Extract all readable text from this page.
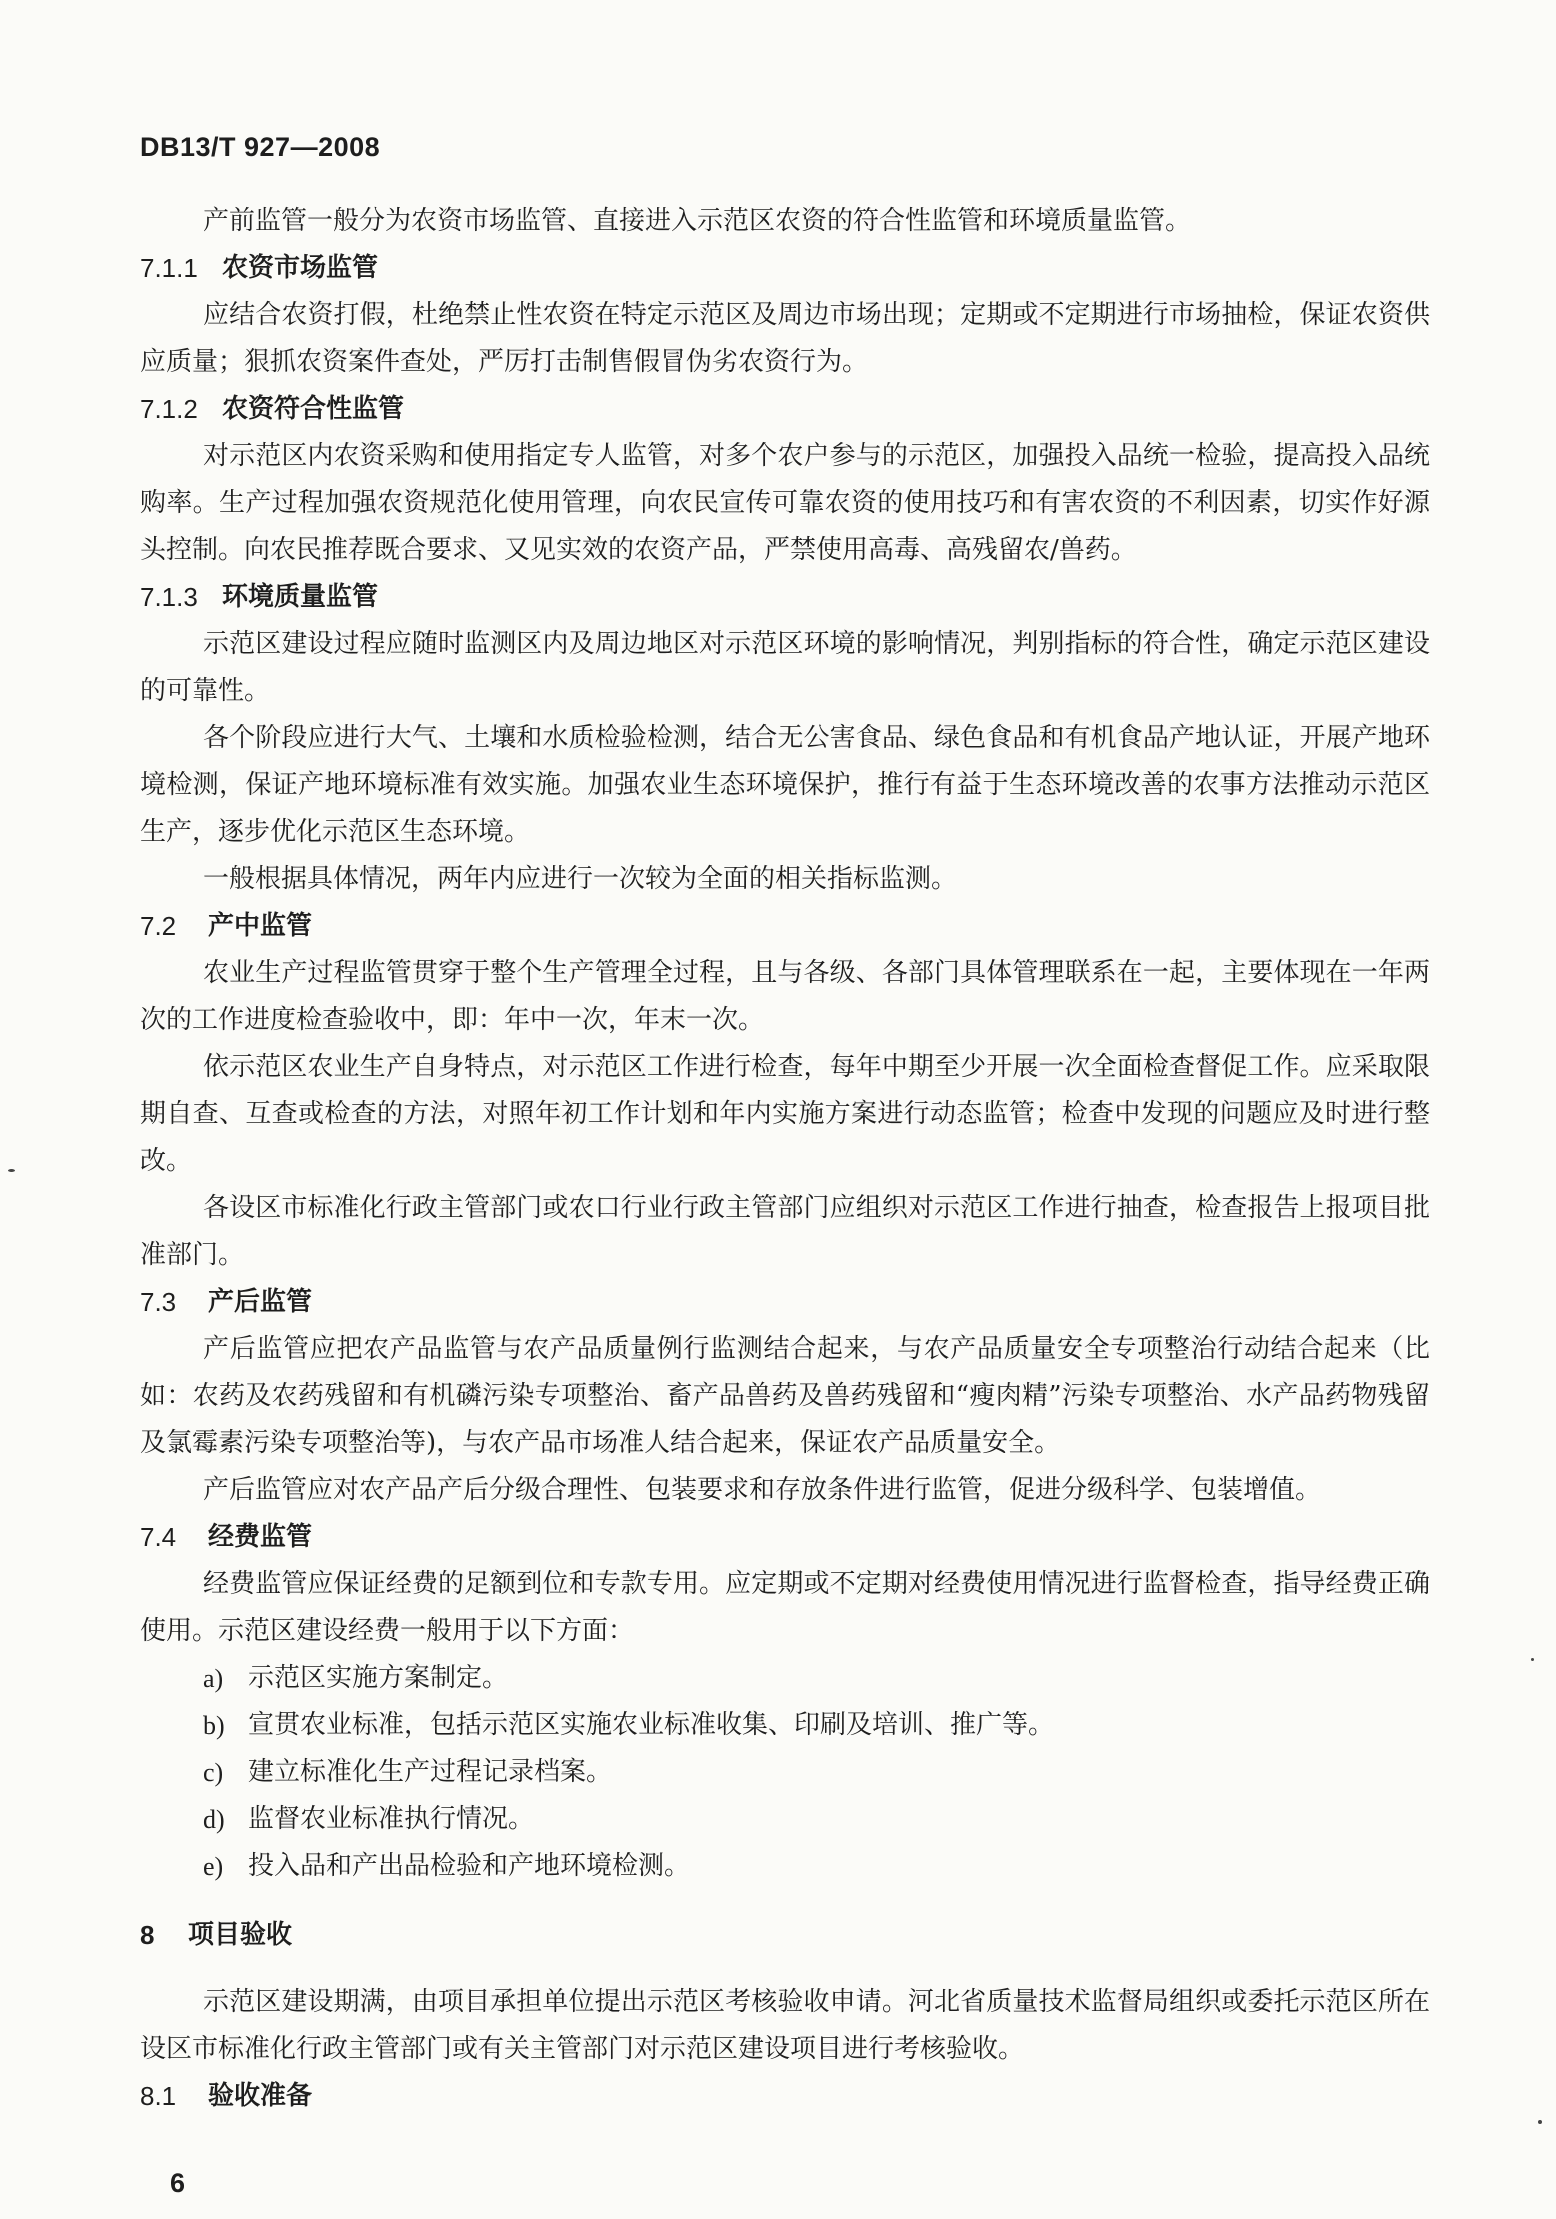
DB13/T 927—2008

产前监管一般分为农资市场监管、直接进入示范区农资的符合性监管和环境质量监管。

7.1.1 农资市场监管

应结合农资打假，杜绝禁止性农资在特定示范区及周边市场出现；定期或不定期进行市场抽检，保证农资供应质量；狠抓农资案件查处，严厉打击制售假冒伪劣农资行为。

7.1.2 农资符合性监管

对示范区内农资采购和使用指定专人监管，对多个农户参与的示范区，加强投入品统一检验，提高投入品统购率。生产过程加强农资规范化使用管理，向农民宣传可靠农资的使用技巧和有害农资的不利因素，切实作好源头控制。向农民推荐既合要求、又见实效的农资产品，严禁使用高毒、高残留农/兽药。

7.1.3 环境质量监管

示范区建设过程应随时监测区内及周边地区对示范区环境的影响情况，判别指标的符合性，确定示范区建设的可靠性。

各个阶段应进行大气、土壤和水质检验检测，结合无公害食品、绿色食品和有机食品产地认证，开展产地环境检测，保证产地环境标准有效实施。加强农业生态环境保护，推行有益于生态环境改善的农事方法推动示范区生产，逐步优化示范区生态环境。

一般根据具体情况，两年内应进行一次较为全面的相关指标监测。

7.2	产中监管

农业生产过程监管贯穿于整个生产管理全过程，且与各级、各部门具体管理联系在一起，主要体现在一年两次的工作进度检查验收中，即：年中一次，年末一次。

依示范区农业生产自身特点，对示范区工作进行检查，每年中期至少开展一次全面检查督促工作。应采取限期自查、互查或检查的方法，对照年初工作计划和年内实施方案进行动态监管；检查中发现的问题应及时进行整改。

各设区市标准化行政主管部门或农口行业行政主管部门应组织对示范区工作进行抽查，检查报告上报项目批准部门。

7.3	产后监管

产后监管应把农产品监管与农产品质量例行监测结合起来，与农产品质量安全专项整治行动结合起来（比如：农药及农药残留和有机磷污染专项整治、畜产品兽药及兽药残留和“瘦肉精”污染专项整治、水产品药物残留及氯霉素污染专项整治等)，与农产品市场准人结合起来，保证农产品质量安全。

产后监管应对农产品产后分级合理性、包装要求和存放条件进行监管，促进分级科学、包装增值。

7.4	经费监管

经费监管应保证经费的足额到位和专款专用。应定期或不定期对经费使用情况进行监督检查，指导经费正确使用。示范区建设经费一般用于以下方面：

a) 示范区实施方案制定。
b) 宣贯农业标准，包括示范区实施农业标准收集、印刷及培训、推广等。
c) 建立标准化生产过程记录档案。
d) 监督农业标准执行情况。
e) 投入品和产出品检验和产地环境检测。
8	项目验收

示范区建设期满，由项目承担单位提出示范区考核验收申请。河北省质量技术监督局组织或委托示范区所在设区市标准化行政主管部门或有关主管部门对示范区建设项目进行考核验收。

8.1	验收准备
6
